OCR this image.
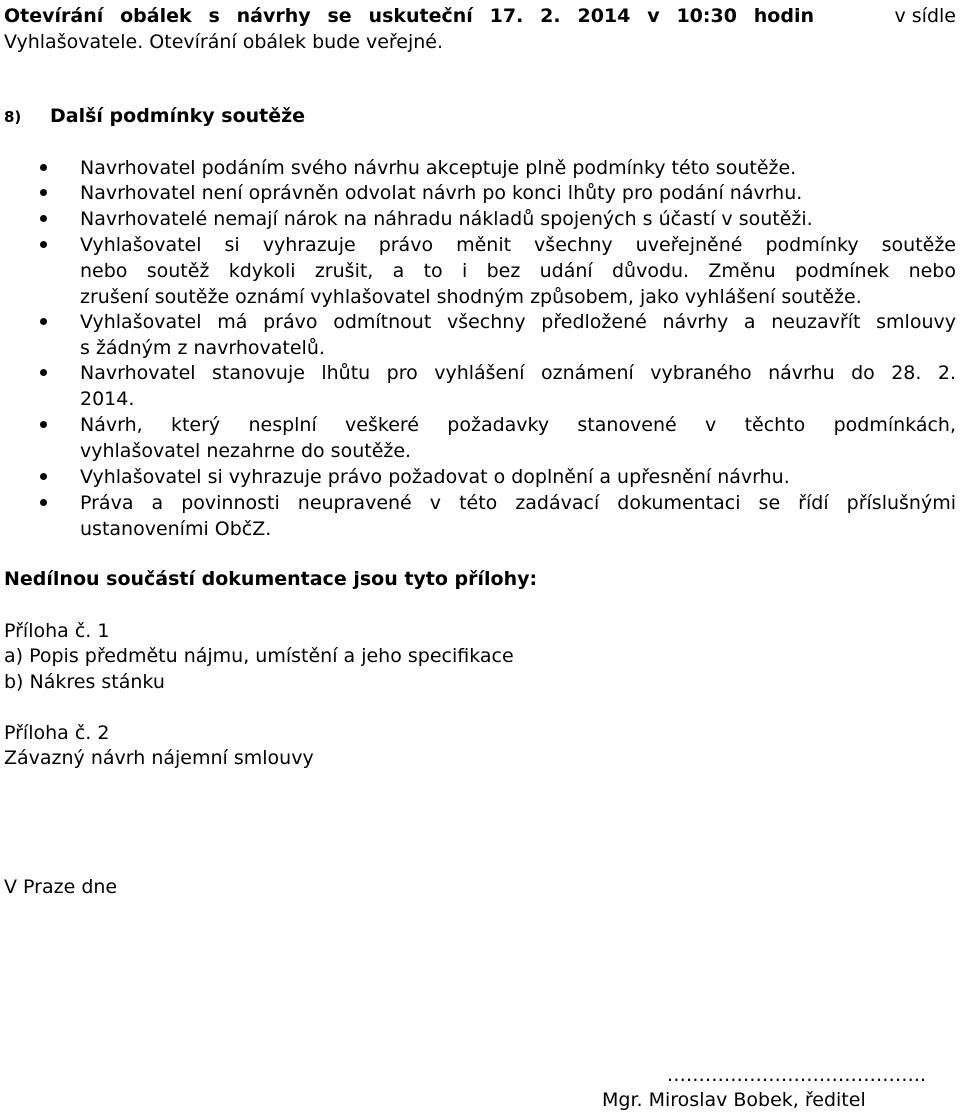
Otevírání obálek s návrhy se uskuteční 17. 2. 2014 v 10:30 hodin	v sídle
Vyhlašovatele. Otevírání obálek bude veřejné.
8) Další podmínky soutěže
Navrhovatel podáním svého návrhu akceptuje plně podmínky této soutěže.
Navrhovatel není oprávněn odvolat návrh po konci lhůty pro podání návrhu.
Navrhovatelé nemají nárok na náhradu nákladů spojených s účastí v soutěži.
Vyhlašovatel si vyhrazuje právo měnit všechny uveřejněné podmínky soutěže
nebo soutěž kdykoli zrušit, a to i bez udání důvodu. Změnu podmínek nebo
zrušení soutěže oznámí vyhlašovatel shodným způsobem, jako vyhlášení soutěže.
Vyhlašovatel má právo odmítnout všechny předložené návrhy a neuzavřít smlouvy
s žádným z navrhovatelů.
Navrhovatel stanovuje lhůtu pro vyhlášení oznámení vybraného návrhu do 28. 2.
2014.
Návrh, který nesplní veškeré požadavky stanovené v těchto podmínkách,
vyhlašovatel nezahrne do soutěže.
Vyhlašovatel si vyhrazuje právo požadovat o doplnění a upřesnění návrhu.
Práva a povinnosti neupravené v této zadávací dokumentaci se řídí příslušnými
ustanoveními ObčZ.
Nedílnou součástí dokumentace jsou tyto přílohy:
Příloha č. 1
a) Popis předmětu nájmu, umístění a jeho specifikace
b) Nákres stánku
Příloha č. 2
Závazný návrh nájemní smlouvy
V Praze dne
…………………………………..
Mgr. Miroslav Bobek, ředitel
